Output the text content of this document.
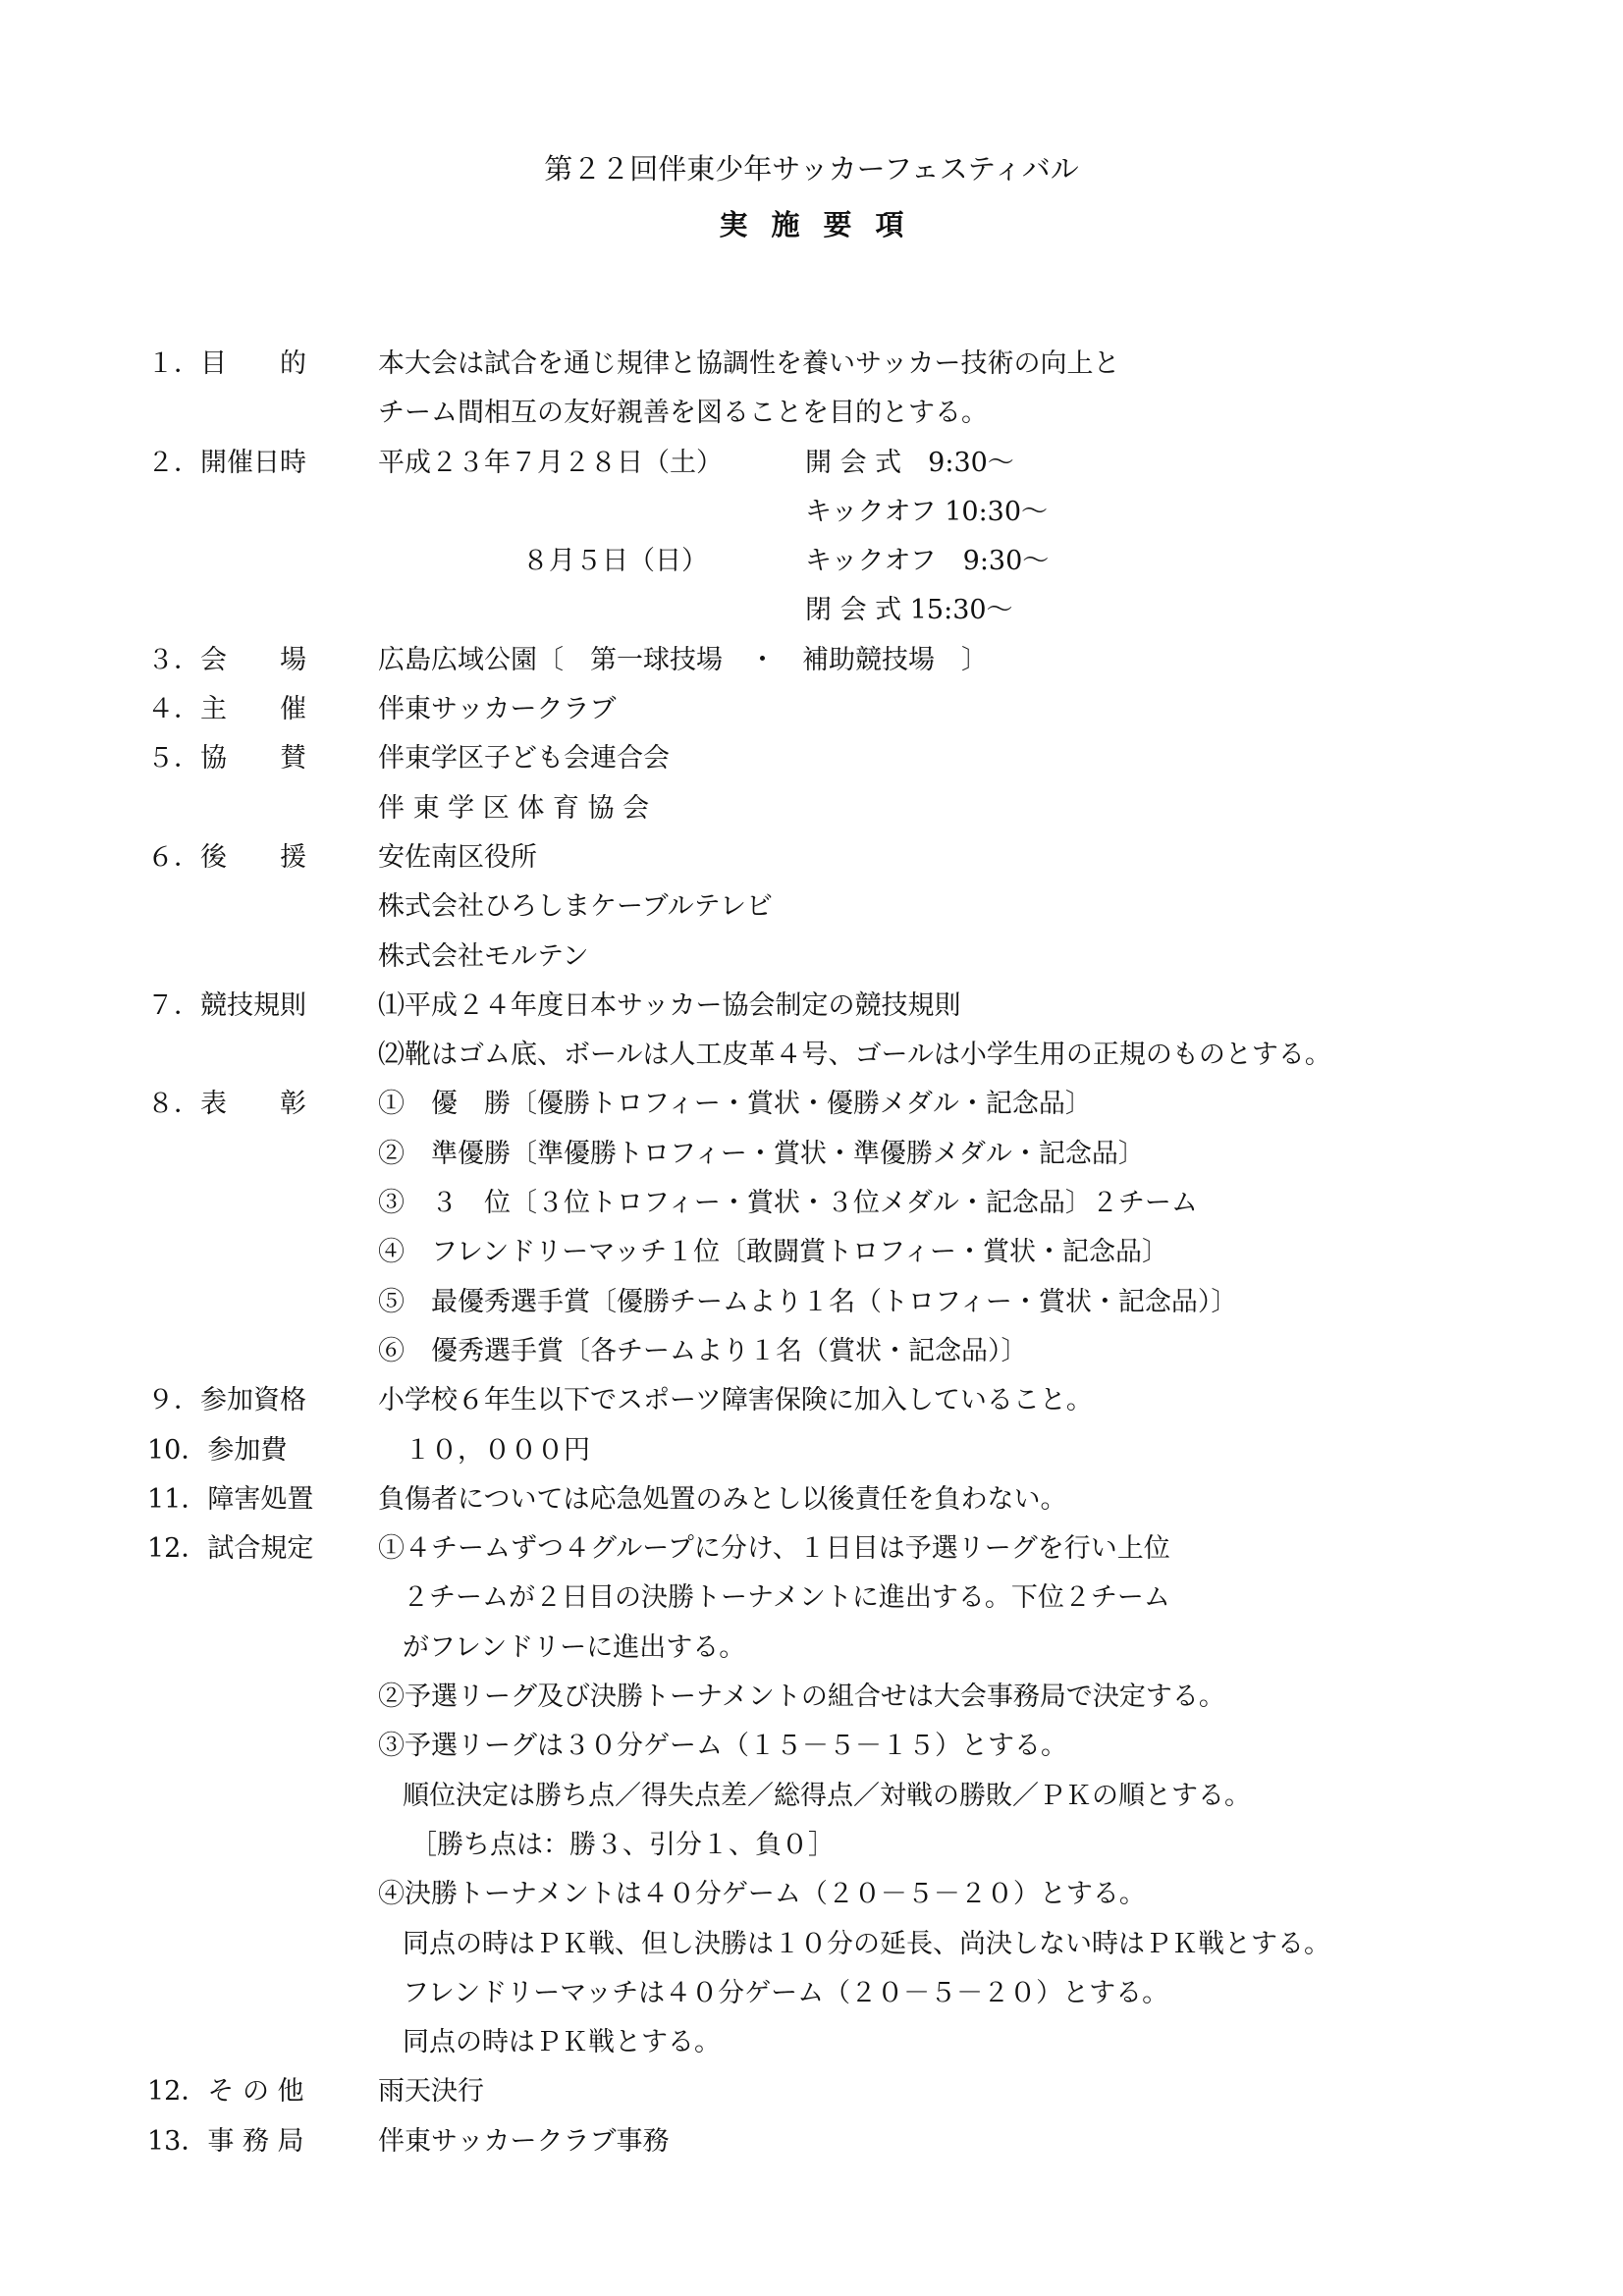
第２２回伴東少年サッカーフェスティバル
実施要項
１．目　　的	本大会は試合を通じ規律と協調性を養いサッカー技術の向上と
チーム間相互の友好親善を図ることを目的とする。
２．開催日時	平成２３年７月２８日（土）	開 会 式　9:30～
キックオフ 10:30～
８月５日（日）	キックオフ　9:30～
閉 会 式 15:30～
３．会　　場	広島広域公園〔　第一球技場　・　補助競技場　〕
４．主　　催	伴東サッカークラブ
５．協　　賛	伴東学区子ども会連合会
伴 東 学 区 体 育 協 会
６．後　　援	安佐南区役所
株式会社ひろしまケーブルテレビ
株式会社モルテン
７．競技規則	⑴平成２４年度日本サッカー協会制定の競技規則
⑵靴はゴム底、ボールは人工皮革４号、ゴールは小学生用の正規のものとする。
８．表　　彰	①　優　勝〔優勝トロフィー・賞状・優勝メダル・記念品〕
②　準優勝〔準優勝トロフィー・賞状・準優勝メダル・記念品〕
③　３　位〔３位トロフィー・賞状・３位メダル・記念品〕２チーム
④　フレンドリーマッチ１位〔敢闘賞トロフィー・賞状・記念品〕
⑤　最優秀選手賞〔優勝チームより１名（トロフィー・賞状・記念品）〕
⑥　優秀選手賞〔各チームより１名（賞状・記念品）〕
９．参加資格	小学校６年生以下でスポーツ障害保険に加入していること。
10．参加費	　１０，０００円
11．障害処置	負傷者については応急処置のみとし以後責任を負わない。
12．試合規定	①４チームずつ４グループに分け、１日目は予選リーグを行い上位
２チームが２日目の決勝トーナメントに進出する。下位２チーム
がフレンドリーに進出する。
②予選リーグ及び決勝トーナメントの組合せは大会事務局で決定する。
③予選リーグは３０分ゲーム（１５－５－１５）とする。
順位決定は勝ち点／得失点差／総得点／対戦の勝敗／ＰＫの順とする。
［勝ち点は：勝３、引分１、負０］
④決勝トーナメントは４０分ゲーム（２０－５－２０）とする。
同点の時はＰＫ戦、但し決勝は１０分の延長、尚決しない時はＰＫ戦とする。
フレンドリーマッチは４０分ゲーム（２０－５－２０）とする。
同点の時はＰＫ戦とする。
12．そ の 他	雨天決行
13．事 務 局	伴東サッカークラブ事務
